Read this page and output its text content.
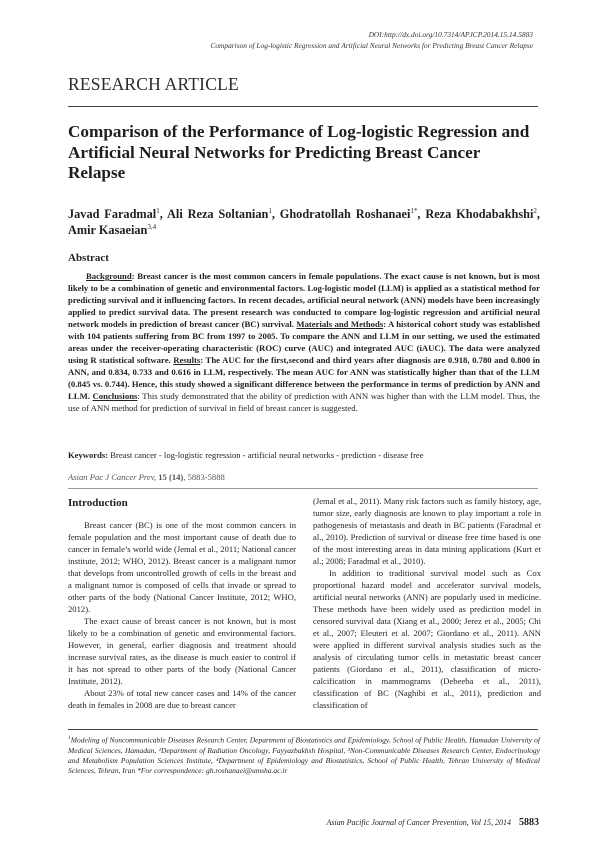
DOI:http://dx.doi.org/10.7314/APJCP.2014.15.14.5883
Comparison of Log-logistic Regression and Artificial Neural Networks for Predicting Breast Cancer Relapse
RESEARCH ARTICLE
Comparison of the Performance of Log-logistic Regression and Artificial Neural Networks for Predicting Breast Cancer Relapse
Javad Faradmal$^1$, Ali Reza Soltanian$^1$, Ghodratollah Roshanaei$^{1*}$, Reza Khodabakhshi$^2$, Amir Kasaeian$^{3,4}$
Abstract

Background: Breast cancer is the most common cancers in female populations. The exact cause is not known, but is most likely to be a combination of genetic and environmental factors. Log-logistic model (LLM) is applied as a statistical method for predicting survival and it influencing factors. In recent decades, artificial neural network (ANN) models have been increasingly applied to predict survival data. The present research was conducted to compare log-logistic regression and artificial neural network models in prediction of breast cancer (BC) survival. Materials and Methods: A historical cohort study was established with 104 patients suffering from BC from 1997 to 2005. To compare the ANN and LLM in our setting, we used the estimated areas under the receiver-operating characteristic (ROC) curve (AUC) and integrated AUC (iAUC). The data were analyzed using R statistical software. Results: The AUC for the first,second and third years after diagnosis are 0.918, 0.780 and 0.800 in ANN, and 0.834, 0.733 and 0.616 in LLM, respectively. The mean AUC for ANN was statistically higher than that of the LLM (0.845 vs. 0.744). Hence, this study showed a significant difference between the performance in terms of prediction by ANN and LLM. Conclusions: This study demonstrated that the ability of prediction with ANN was higher than with the LLM model. Thus, the use of ANN method for prediction of survival in field of breast cancer is suggested.

Keywords: Breast cancer - log-logistic regression - artificial neural networks - prediction - disease free
Asian Pac J Cancer Prev, 15 (14), 5883-5888
Introduction

Breast cancer (BC) is one of the most common cancers in female population and the most important cause of death due to cancer in female’s world wide (Jemal et al., 2011; National cancer institute, 2012; WHO, 2012). Breast cancer is a malignant tumor that develops from uncontrolled growth of cells in the breast and a malignant tumor is composed of cells that invade or spread to other parts of the body (National Cancer Institute, 2012; WHO, 2012).

The exact cause of breast cancer is not known, but is most likely to be a combination of genetic and environmental factors. However, in general, earlier diagnosis and treatment should increase survival rates, as the disease is much easier to control if it has not spread to other parts of the body (National Cancer Institute, 2012).

About 23% of total new cancer cases and 14% of the cancer death in females in 2008 are due to breast cancer

(Jemal et al., 2011). Many risk factors such as family history, age, tumor size, early diagnosis are known to play important a role in pathogenesis of metastasis and death in BC patients (Faradmal et al., 2010). Prediction of survival or disease free time based is one of the most interesting areas in data mining applications (Kurt et al.; 2008; Faradmal et al., 2010).

In addition to traditional survival model such as Cox proportional hazard model and accelerator survival models, artificial neural networks (ANN) are popularly used in medicine. These methods have been widely used as prediction model in censored survival data (Xiang et al., 2000; Jerez et al., 2005; Chi et al., 2007; Eleuteri et al. 2007; Giordano et al., 2011). ANN were applied in different survival analysis studies such as the analysis of circulating tumor cells in metastatic breast cancer patients (Giordano et al., 2011), classification of micro-calcification in mammograms (Debeeba et al., 2011), classification of BC (Naghibi et al., 2011), prediction and classification of

$^1$Modeling of Noncommunicable Diseases Research Center, Department of Biostatistics and Epidemiology, School of Public Health, Hamadan University of Medical Sciences, Hamadan, ²Department of Radiation Oncology, Fayyazbakhsh Hospital, ³Non-Communicable Diseases Research Center, Endocrinology and Metabolism Population Sciences Institute, ⁴Department of Epidemiology and Biostatistics, School of Public Health, Tehran University of Medical Sciences, Tehran, Iran *For correspondence: gh.roshanaei@umsha.ac.ir
Asian Pacific Journal of Cancer Prevention, Vol 15, 2014 5883
